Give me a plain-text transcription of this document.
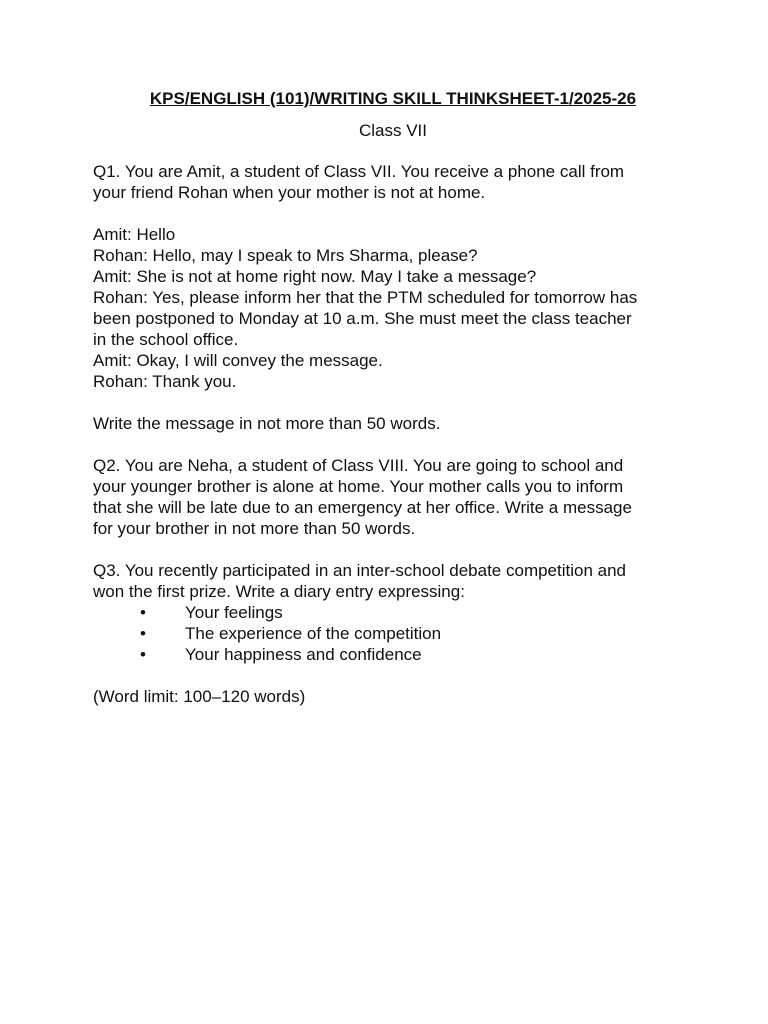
KPS/ENGLISH (101)/WRITING SKILL THINKSHEET-1/2025-26

Class VII

Q1. You are Amit, a student of Class VII. You receive a phone call from

your friend Rohan when your mother is not at home.

Amit: Hello

Rohan: Hello, may I speak to Mrs Sharma, please?

Amit: She is not at home right now. May I take a message?

Rohan: Yes, please inform her that the PTM scheduled for tomorrow has

been postponed to Monday at 10 a.m. She must meet the class teacher

in the school office.

Amit: Okay, I will convey the message.

Rohan: Thank you.

Write the message in not more than 50 words.

Q2. You are Neha, a student of Class VIII. You are going to school and

your younger brother is alone at home. Your mother calls you to inform

that she will be late due to an emergency at her office. Write a message

for your brother in not more than 50 words.

Q3. You recently participated in an inter-school debate competition and

won the first prize. Write a diary entry expressing:

• Your feelings
• The experience of the competition
• Your happiness and confidence

(Word limit: 100–120 words)
